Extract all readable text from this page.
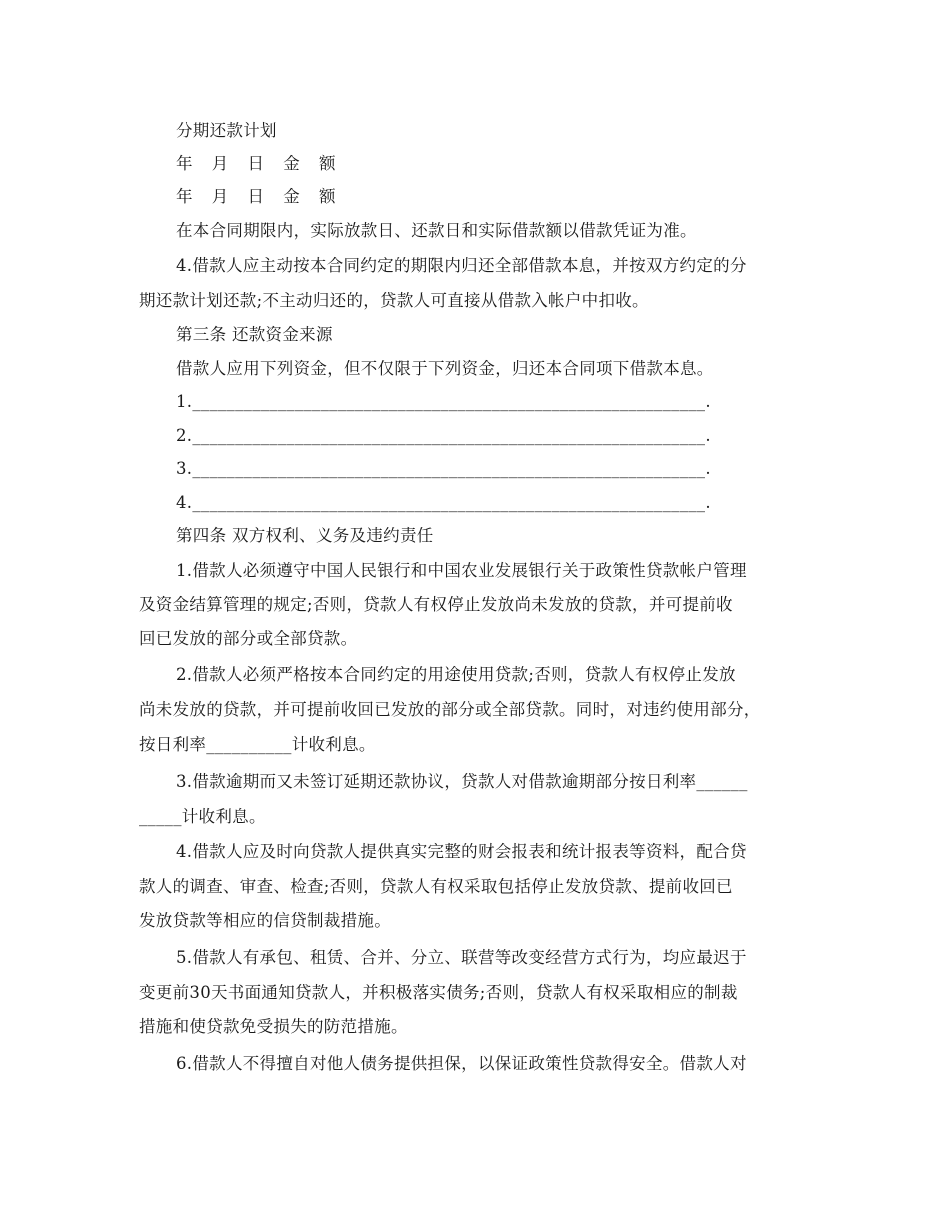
分期还款计划
年 月 日 金 额
年 月 日 金 额
在本合同期限内，实际放款日、还款日和实际借款额以借款凭证为准。
4.借款人应主动按本合同约定的期限内归还全部借款本息，并按双方约定的分
期还款计划还款;不主动归还的，贷款人可直接从借款入帐户中扣收。
第三条 还款资金来源
借款人应用下列资金，但不仅限于下列资金，归还本合同项下借款本息。
1.____________________________________________________________.
2.____________________________________________________________.
3.____________________________________________________________.
4.____________________________________________________________.
第四条 双方权利、义务及违约责任
1.借款人必须遵守中国人民银行和中国农业发展银行关于政策性贷款帐户管理
及资金结算管理的规定;否则，贷款人有权停止发放尚未发放的贷款，并可提前收
回已发放的部分或全部贷款。
2.借款人必须严格按本合同约定的用途使用贷款;否则，贷款人有权停止发放
尚未发放的贷款，并可提前收回已发放的部分或全部贷款。同时，对违约使用部分，
按日利率__________计收利息。
3.借款逾期而又未签订延期还款协议，贷款人对借款逾期部分按日利率______
_____计收利息。
4.借款人应及时向贷款人提供真实完整的财会报表和统计报表等资料，配合贷
款人的调查、审查、检查;否则，贷款人有权采取包括停止发放贷款、提前收回已
发放贷款等相应的信贷制裁措施。
5.借款人有承包、租赁、合并、分立、联营等改变经营方式行为，均应最迟于
变更前30天书面通知贷款人，并积极落实债务;否则，贷款人有权采取相应的制裁
措施和使贷款免受损失的防范措施。
6.借款人不得擅自对他人债务提供担保，以保证政策性贷款得安全。借款人对
